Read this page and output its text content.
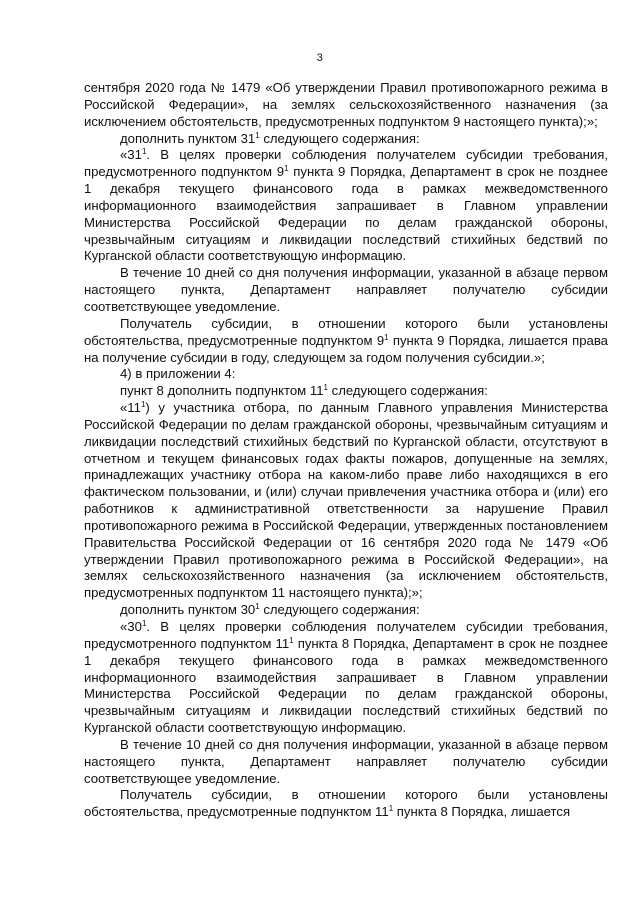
3

сентября 2020 года № 1479 «Об утверждении Правил противопожарного режима в Российской Федерации», на землях сельскохозяйственного назначения (за исключением обстоятельств, предусмотренных подпунктом 9 настоящего пункта);»;

дополнить пунктом $31^1$ следующего содержания:

«$31^1$. В целях проверки соблюдения получателем субсидии требования, предусмотренного подпунктом $9^1$ пункта 9 Порядка, Департамент в срок не позднее 1 декабря текущего финансового года в рамках межведомственного информационного взаимодействия запрашивает в Главном управлении Министерства Российской Федерации по делам гражданской обороны, чрезвычайным ситуациям и ликвидации последствий стихийных бедствий по Курганской области соответствующую информацию.

В течение 10 дней со дня получения информации, указанной в абзаце первом настоящего пункта, Департамент направляет получателю субсидии соответствующее уведомление.

Получатель субсидии, в отношении которого были установлены обстоятельства, предусмотренные подпунктом $9^1$ пункта 9 Порядка, лишается права на получение субсидии в году, следующем за годом получения субсидии.»;

4) в приложении 4:

пункт 8 дополнить подпунктом $11^1$ следующего содержания:

«$11^1$) у участника отбора, по данным Главного управления Министерства Российской Федерации по делам гражданской обороны, чрезвычайным ситуациям и ликвидации последствий стихийных бедствий по Курганской области, отсутствуют в отчетном и текущем финансовых годах факты пожаров, допущенные на землях, принадлежащих участнику отбора на каком-либо праве либо находящихся в его фактическом пользовании, и (или) случаи привлечения участника отбора и (или) его работников к административной ответственности за нарушение Правил противопожарного режима в Российской Федерации, утвержденных постановлением Правительства Российской Федерации от 16 сентября 2020 года № 1479 «Об утверждении Правил противопожарного режима в Российской Федерации», на землях сельскохозяйственного назначения (за исключением обстоятельств, предусмотренных подпунктом 11 настоящего пункта);»;

дополнить пунктом $30^1$ следующего содержания:

«$30^1$. В целях проверки соблюдения получателем субсидии требования, предусмотренного подпунктом $11^1$ пункта 8 Порядка, Департамент в срок не позднее 1 декабря текущего финансового года в рамках межведомственного информационного взаимодействия запрашивает в Главном управлении Министерства Российской Федерации по делам гражданской обороны, чрезвычайным ситуациям и ликвидации последствий стихийных бедствий по Курганской области соответствующую информацию.

В течение 10 дней со дня получения информации, указанной в абзаце первом настоящего пункта, Департамент направляет получателю субсидии соответствующее уведомление.

Получатель субсидии, в отношении которого были установлены обстоятельства, предусмотренные подпунктом $11^1$ пункта 8 Порядка, лишается
